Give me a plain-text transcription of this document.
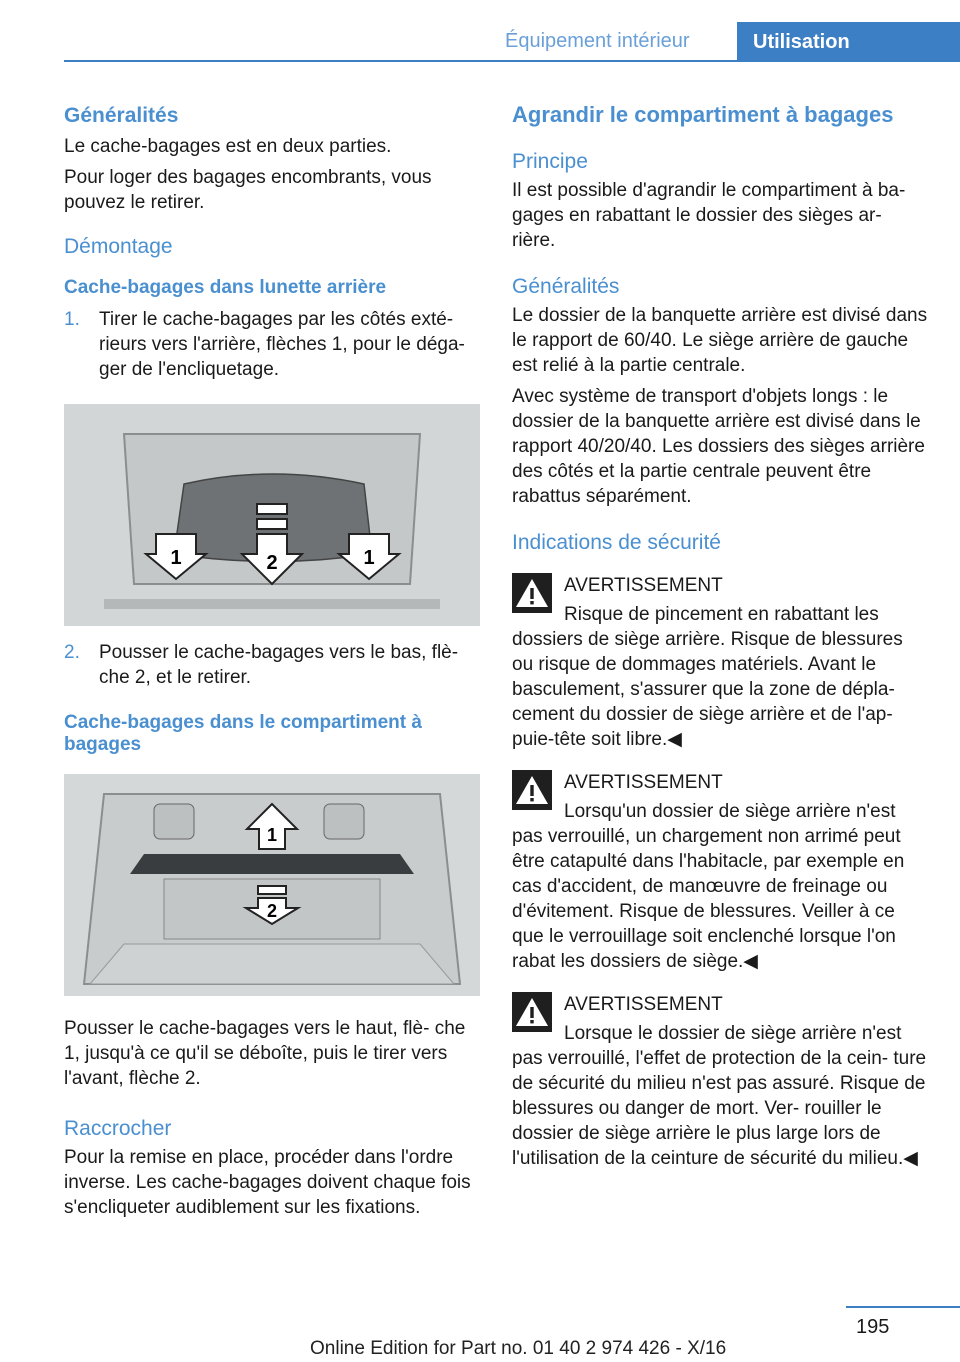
Équipement intérieur	Utilisation
Généralités

Le cache-bagages est en deux parties.

Pour loger des bagages encombrants, vous pouvez le retirer.

Démontage
Cache-bagages dans lunette arrière
1. Tirer le cache-bagages par les côtés exté- rieurs vers l'arrière, flèches 1, pour le déga- ger de l'encliquetage.
1	2	1
2. Pousser le cache-bagages vers le bas, flè- che 2, et le retirer.
Cache-bagages dans le compartiment à bagages
1
2

Pousser le cache-bagages vers le haut, flè- che 1, jusqu'à ce qu'il se déboîte, puis le tirer vers l'avant, flèche 2.

Raccrocher

Pour la remise en place, procéder dans l'ordre inverse. Les cache-bagages doivent chaque fois s'encliqueter audiblement sur les fixations.

Agrandir le compartiment à bagages
Principe

Il est possible d'agrandir le compartiment à ba- gages en rabattant le dossier des sièges ar- rière.

Généralités

Le dossier de la banquette arrière est divisé dans le rapport de 60/40. Le siège arrière de gauche est relié à la partie centrale.

Avec système de transport d'objets longs : le dossier de la banquette arrière est divisé dans le rapport 40/20/40. Les dossiers des sièges arrière des côtés et la partie centrale peuvent être rabattus séparément.

Indications de sécurité
AVERTISSEMENT
Risque de pincement en rabattant les dossiers de siège arrière. Risque de blessures ou risque de dommages matériels. Avant le basculement, s'assurer que la zone de dépla- cement du dossier de siège arrière et de l'ap- puie-tête soit libre.◀
AVERTISSEMENT
Lorsqu'un dossier de siège arrière n'est pas verrouillé, un chargement non arrimé peut être catapulté dans l'habitacle, par exemple en cas d'accident, de manœuvre de freinage ou d'évitement. Risque de blessures. Veiller à ce que le verrouillage soit enclenché lorsque l'on rabat les dossiers de siège.◀
AVERTISSEMENT
Lorsque le dossier de siège arrière n'est pas verrouillé, l'effet de protection de la cein- ture de sécurité du milieu n'est pas assuré. Risque de blessures ou danger de mort. Ver- rouiller le dossier de siège arrière le plus large lors de l'utilisation de la ceinture de sécurité du milieu.◀
195
Online Edition for Part no. 01 40 2 974 426 - X/16
